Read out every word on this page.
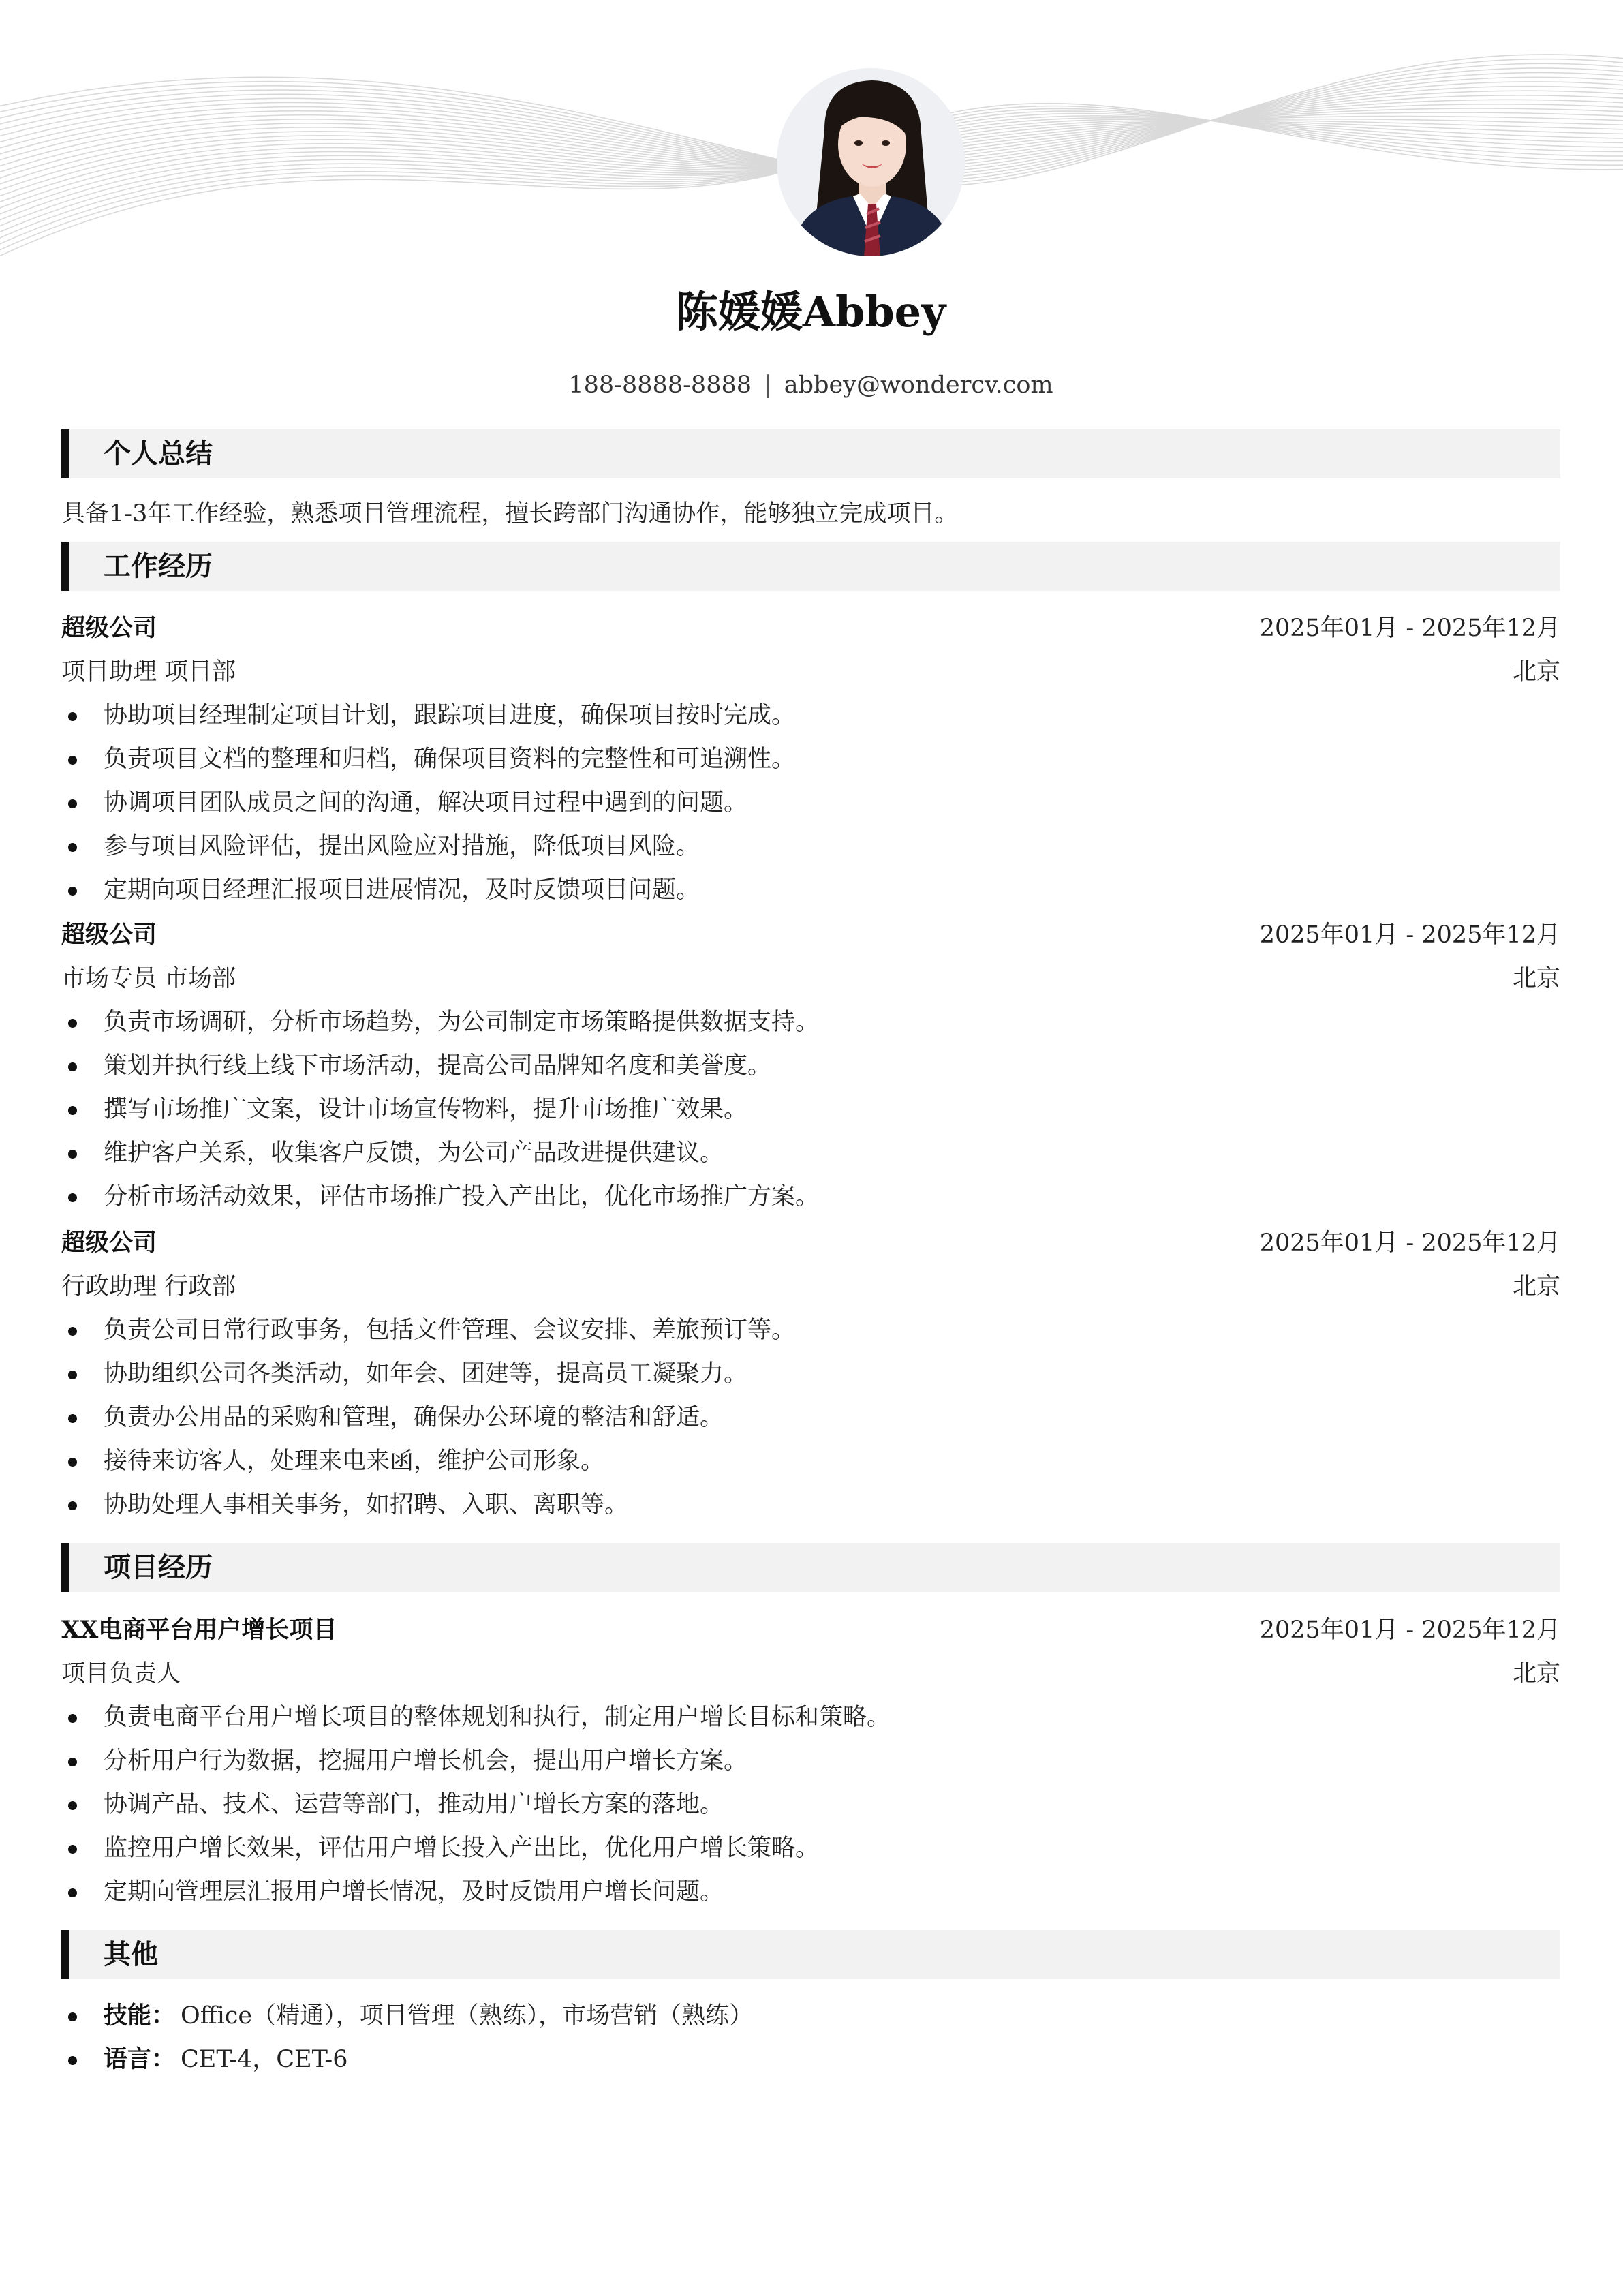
陈媛媛Abbey
188-8888-8888 | abbey@wondercv.com
个人总结
具备1-3年工作经验，熟悉项目管理流程，擅长跨部门沟通协作，能够独立完成项目。
工作经历
超级公司	2025年01月 - 2025年12月
项目助理 项目部	北京
协助项目经理制定项目计划，跟踪项目进度，确保项目按时完成。
负责项目文档的整理和归档，确保项目资料的完整性和可追溯性。
协调项目团队成员之间的沟通，解决项目过程中遇到的问题。
参与项目风险评估，提出风险应对措施，降低项目风险。
定期向项目经理汇报项目进展情况，及时反馈项目问题。
超级公司	2025年01月 - 2025年12月
市场专员 市场部	北京
负责市场调研，分析市场趋势，为公司制定市场策略提供数据支持。
策划并执行线上线下市场活动，提高公司品牌知名度和美誉度。
撰写市场推广文案，设计市场宣传物料，提升市场推广效果。
维护客户关系，收集客户反馈，为公司产品改进提供建议。
分析市场活动效果，评估市场推广投入产出比，优化市场推广方案。
超级公司	2025年01月 - 2025年12月
行政助理 行政部	北京
负责公司日常行政事务，包括文件管理、会议安排、差旅预订等。
协助组织公司各类活动，如年会、团建等，提高员工凝聚力。
负责办公用品的采购和管理，确保办公环境的整洁和舒适。
接待来访客人，处理来电来函，维护公司形象。
协助处理人事相关事务，如招聘、入职、离职等。
项目经历
XX电商平台用户增长项目	2025年01月 - 2025年12月
项目负责人	北京
负责电商平台用户增长项目的整体规划和执行，制定用户增长目标和策略。
分析用户行为数据，挖掘用户增长机会，提出用户增长方案。
协调产品、技术、运营等部门，推动用户增长方案的落地。
监控用户增长效果，评估用户增长投入产出比，优化用户增长策略。
定期向管理层汇报用户增长情况，及时反馈用户增长问题。
其他
技能： Office（精通），项目管理（熟练），市场营销（熟练）
语言： CET-4，CET-6
